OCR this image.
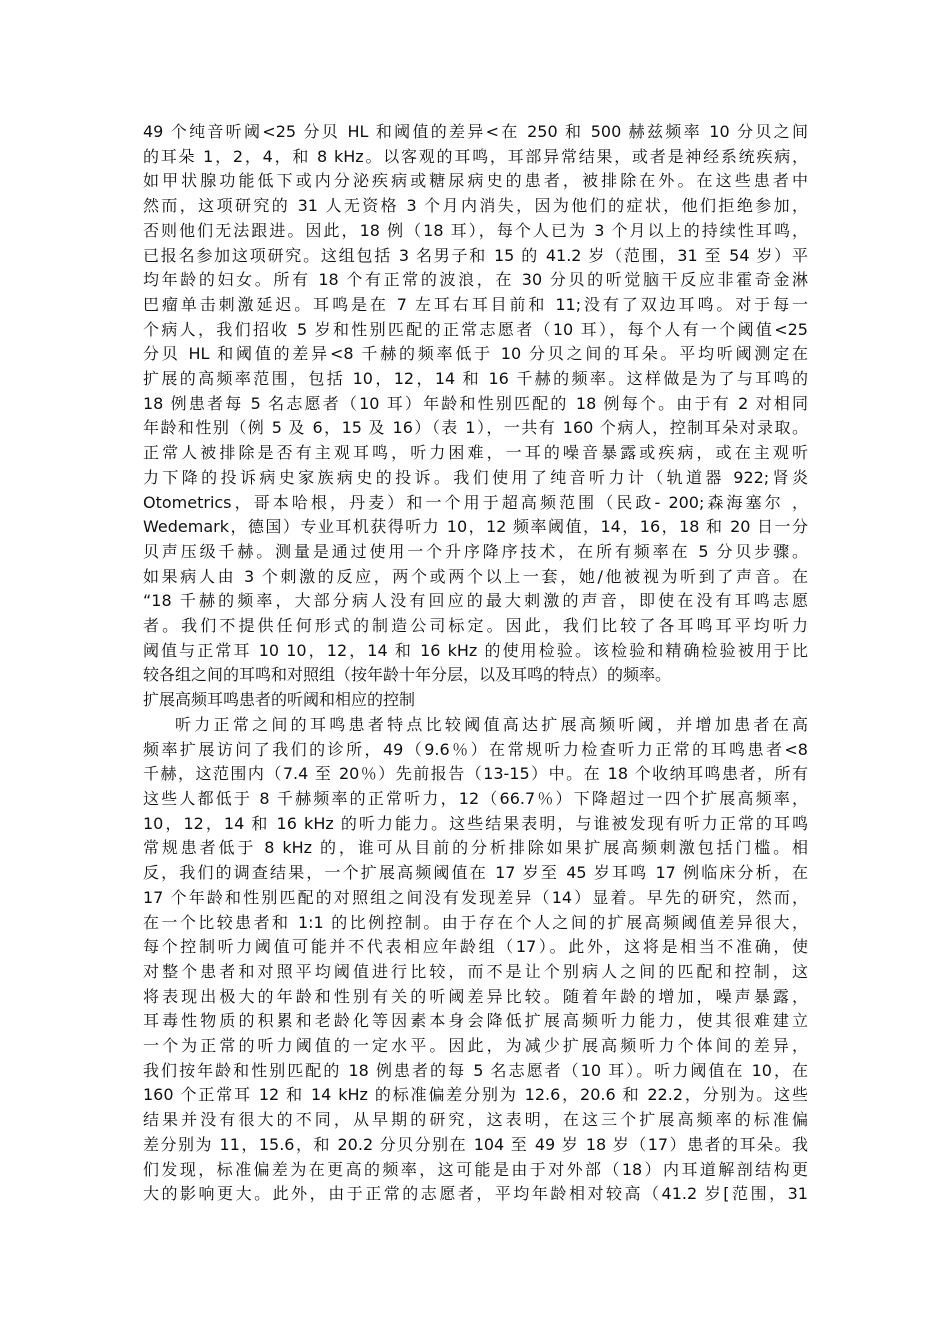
49 个纯音听阈<25 分贝 HL 和阈值的差异<在 250 和 500 赫兹频率 10 分贝之间
的耳朵 1，2，4，和 8 kHz。以客观的耳鸣，耳部异常结果，或者是神经系统疾病，
如甲状腺功能低下或内分泌疾病或糖尿病史的患者，被排除在外。在这些患者中
然而，这项研究的 31 人无资格 3 个月内消失，因为他们的症状，他们拒绝参加，
否则他们无法跟进。因此，18 例（18 耳），每个人已为 3 个月以上的持续性耳鸣，
已报名参加这项研究。这组包括 3 名男子和 15 的 41.2 岁（范围，31 至 54 岁）平
均年龄的妇女。所有 18 个有正常的波浪，在 30 分贝的听觉脑干反应非霍奇金淋
巴瘤单击刺激延迟。耳鸣是在 7 左耳右耳目前和 11;没有了双边耳鸣。对于每一
个病人，我们招收 5 岁和性别匹配的正常志愿者（10 耳），每个人有一个阈值<25
分贝 HL 和阈值的差异<8 千赫的频率低于 10 分贝之间的耳朵。平均听阈测定在
扩展的高频率范围，包括 10，12，14 和 16 千赫的频率。这样做是为了与耳鸣的
18 例患者每 5 名志愿者（10 耳）年龄和性别匹配的 18 例每个。由于有 2 对相同
年龄和性别（例 5 及 6，15 及 16）（表 1），一共有 160 个病人，控制耳朵对录取。
正常人被排除是否有主观耳鸣，听力困难，一耳的噪音暴露或疾病，或在主观听
力下降的投诉病史家族病史的投诉。我们使用了纯音听力计（轨道器 922;肾炎
Otometrics，哥本哈根，丹麦）和一个用于超高频范围（民政- 200;森海塞尔 ，
Wedemark，德国）专业耳机获得听力 10，12 频率阈值，14，16，18 和 20 日一分
贝声压级千赫。测量是通过使用一个升序降序技术，在所有频率在 5 分贝步骤。
如果病人由 3 个刺激的反应，两个或两个以上一套，她/他被视为听到了声音。在
“18 千赫的频率，大部分病人没有回应的最大刺激的声音，即使在没有耳鸣志愿
者。我们不提供任何形式的制造公司标定。因此，我们比较了各耳鸣耳平均听力
阈值与正常耳 10 10，12，14 和 16 kHz 的使用检验。该检验和精确检验被用于比
较各组之间的耳鸣和对照组（按年龄十年分层，以及耳鸣的特点）的频率。
扩展高频耳鸣患者的听阈和相应的控制
听力正常之间的耳鸣患者特点比较阈值高达扩展高频听阈，并增加患者在高
频率扩展访问了我们的诊所，49（9.6％）在常规听力检查听力正常的耳鸣患者<8
千赫，这范围内（7.4 至 20％）先前报告（13-15）中。在 18 个收纳耳鸣患者，所有
这些人都低于 8 千赫频率的正常听力，12（66.7％）下降超过一四个扩展高频率，
10，12，14 和 16 kHz 的听力能力。这些结果表明，与谁被发现有听力正常的耳鸣
常规患者低于 8 kHz 的，谁可从目前的分析排除如果扩展高频刺激包括门槛。相
反，我们的调查结果，一个扩展高频阈值在 17 岁至 45 岁耳鸣 17 例临床分析，在
17 个年龄和性别匹配的对照组之间没有发现差异（14）显着。早先的研究，然而，
在一个比较患者和 1:1 的比例控制。由于存在个人之间的扩展高频阈值差异很大，
每个控制听力阈值可能并不代表相应年龄组（17）。此外，这将是相当不准确，使
对整个患者和对照平均阈值进行比较，而不是让个别病人之间的匹配和控制，这
将表现出极大的年龄和性别有关的听阈差异比较。随着年龄的增加，噪声暴露，
耳毒性物质的积累和老龄化等因素本身会降低扩展高频听力能力，使其很难建立
一个为正常的听力阈值的一定水平。因此，为减少扩展高频听力个体间的差异，
我们按年龄和性别匹配的 18 例患者的每 5 名志愿者（10 耳）。听力阈值在 10，在
160 个正常耳 12 和 14 kHz 的标准偏差分别为 12.6，20.6 和 22.2，分别为。这些
结果并没有很大的不同，从早期的研究，这表明，在这三个扩展高频率的标准偏
差分别为 11，15.6，和 20.2 分贝分别在 104 至 49 岁 18 岁（17）患者的耳朵。我
们发现，标准偏差为在更高的频率，这可能是由于对外部（18）内耳道解剖结构更
大的影响更大。此外，由于正常的志愿者，平均年龄相对较高（41.2 岁[范围，31
